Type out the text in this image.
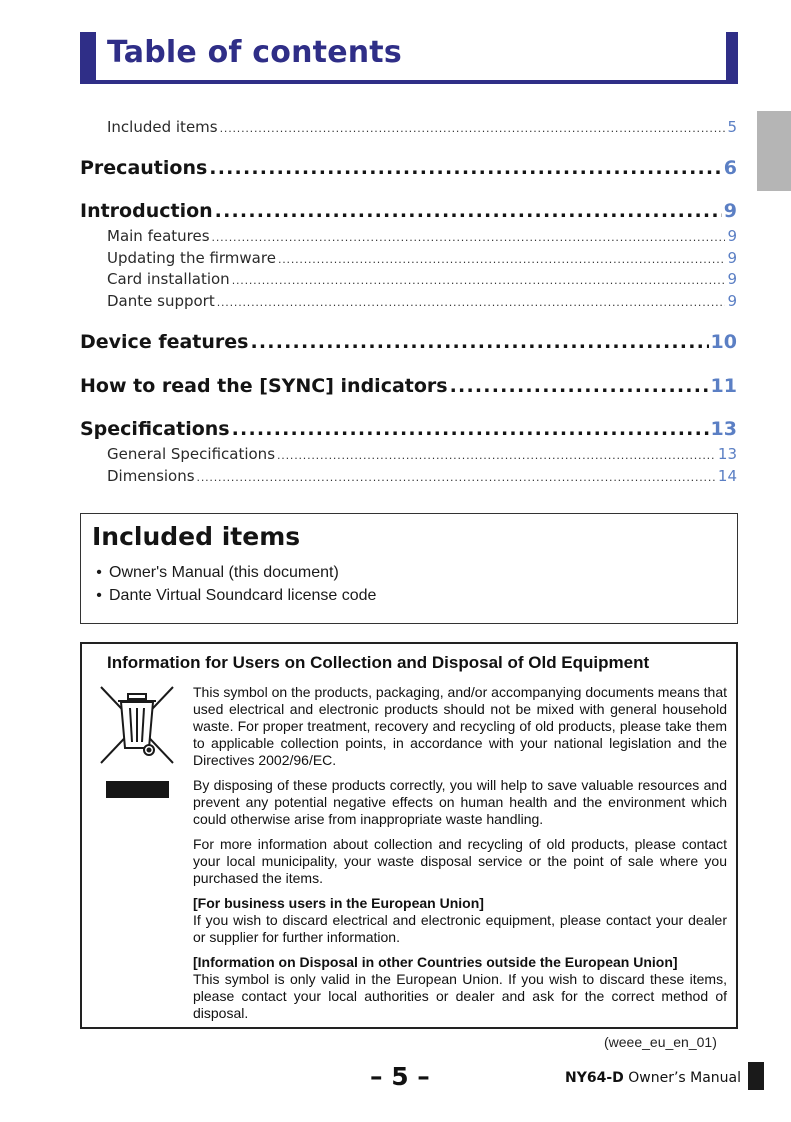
Table of contents
Included items .....	5
Precautions .....	6
Introduction .....	9
Main features .....	9
Updating the firmware .....	9
Card installation .....	9
Dante support .....	9
Device features .....	10
How to read the [SYNC] indicators .....	11
Specifications .....	13
General Specifications .....	13
Dimensions .....	14
Included items
• Owner's Manual (this document)
• Dante Virtual Soundcard license code
Information for Users on Collection and Disposal of Old Equipment

This symbol on the products, packaging, and/or accompanying documents means that used electrical and electronic products should not be mixed with general household waste. For proper treatment, recovery and recycling of old products, please take them to applicable collection points, in accordance with your national legislation and the Directives 2002/96/EC.

By disposing of these products correctly, you will help to save valuable resources and prevent any potential negative effects on human health and the environment which could otherwise arise from inappropriate waste handling.

For more information about collection and recycling of old products, please contact your local municipality, your waste disposal service or the point of sale where you purchased the items.

[For business users in the European Union]
If you wish to discard electrical and electronic equipment, please contact your dealer or supplier for further information.

[Information on Disposal in other Countries outside the European Union]
This symbol is only valid in the European Union. If you wish to discard these items, please contact your local authorities or dealer and ask for the correct method of disposal.

(weee_eu_en_01)
– 5 –	NY64-D Owner’s Manual
